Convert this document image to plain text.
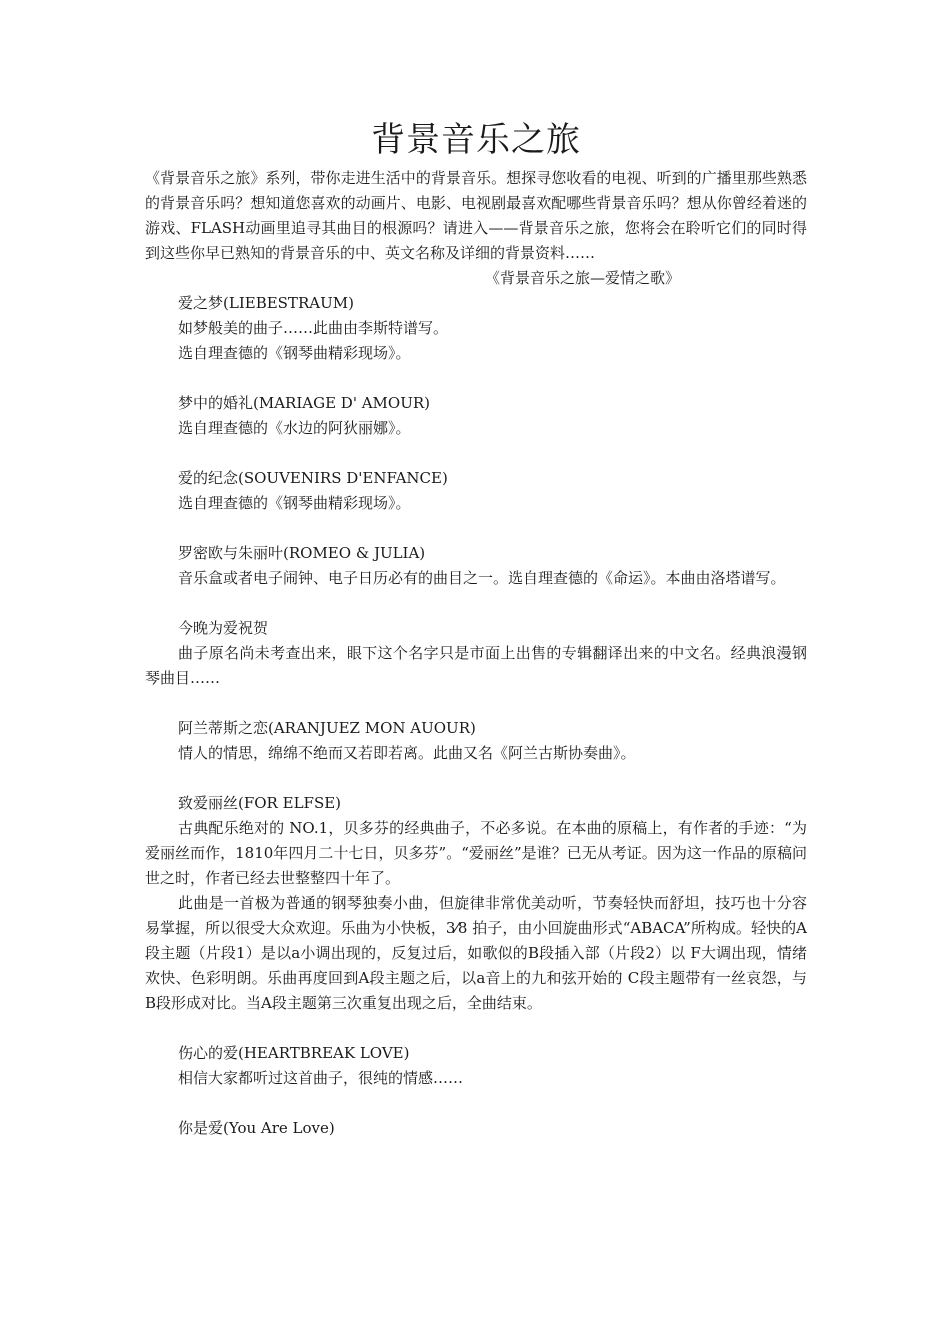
背景音乐之旅

《背景音乐之旅》系列，带你走进生活中的背景音乐。想探寻您收看的电视、听到的广播里那些熟悉的背景音乐吗？想知道您喜欢的动画片、电影、电视剧最喜欢配哪些背景音乐吗？想从你曾经着迷的游戏、FLASH动画里追寻其曲目的根源吗？请进入——背景音乐之旅，您将会在聆听它们的同时得到这些你早已熟知的背景音乐的中、英文名称及详细的背景资料……

《背景音乐之旅—爱情之歌》

爱之梦(LIEBESTRAUM)

如梦般美的曲子……此曲由李斯特谱写。

选自理查德的《钢琴曲精彩现场》。

梦中的婚礼(MARIAGE D' AMOUR)

选自理查德的《水边的阿狄丽娜》。

爱的纪念(SOUVENIRS D'ENFANCE)

选自理查德的《钢琴曲精彩现场》。

罗密欧与朱丽叶(ROMEO & JULIA)

音乐盒或者电子闹钟、电子日历必有的曲目之一。选自理查德的《命运》。本曲由洛塔谱写。

今晚为爱祝贺

曲子原名尚未考查出来，眼下这个名字只是市面上出售的专辑翻译出来的中文名。经典浪漫钢琴曲目……

阿兰蒂斯之恋(ARANJUEZ MON AUOUR)

情人的情思，绵绵不绝而又若即若离。此曲又名《阿兰古斯协奏曲》。

致爱丽丝(FOR ELFSE)

古典配乐绝对的 NO.1，贝多芬的经典曲子，不必多说。在本曲的原稿上，有作者的手迹：“为爱丽丝而作，1810年四月二十七日，贝多芬”。“爱丽丝”是谁？已无从考证。因为这一作品的原稿问世之时，作者已经去世整整四十年了。

此曲是一首极为普通的钢琴独奏小曲，但旋律非常优美动听，节奏轻快而舒坦，技巧也十分容易掌握，所以很受大众欢迎。乐曲为小快板，3⁄8 拍子，由小回旋曲形式“ABACA”所构成。轻快的A段主题（片段1）是以a小调出现的，反复过后，如歌似的B段插入部（片段2）以 F大调出现，情绪欢快、色彩明朗。乐曲再度回到A段主题之后，以a音上的九和弦开始的 C段主题带有一丝哀怨，与B段形成对比。当A段主题第三次重复出现之后，全曲结束。

伤心的爱(HEARTBREAK LOVE)

相信大家都听过这首曲子，很纯的情感……

你是爱(You Are Love)
